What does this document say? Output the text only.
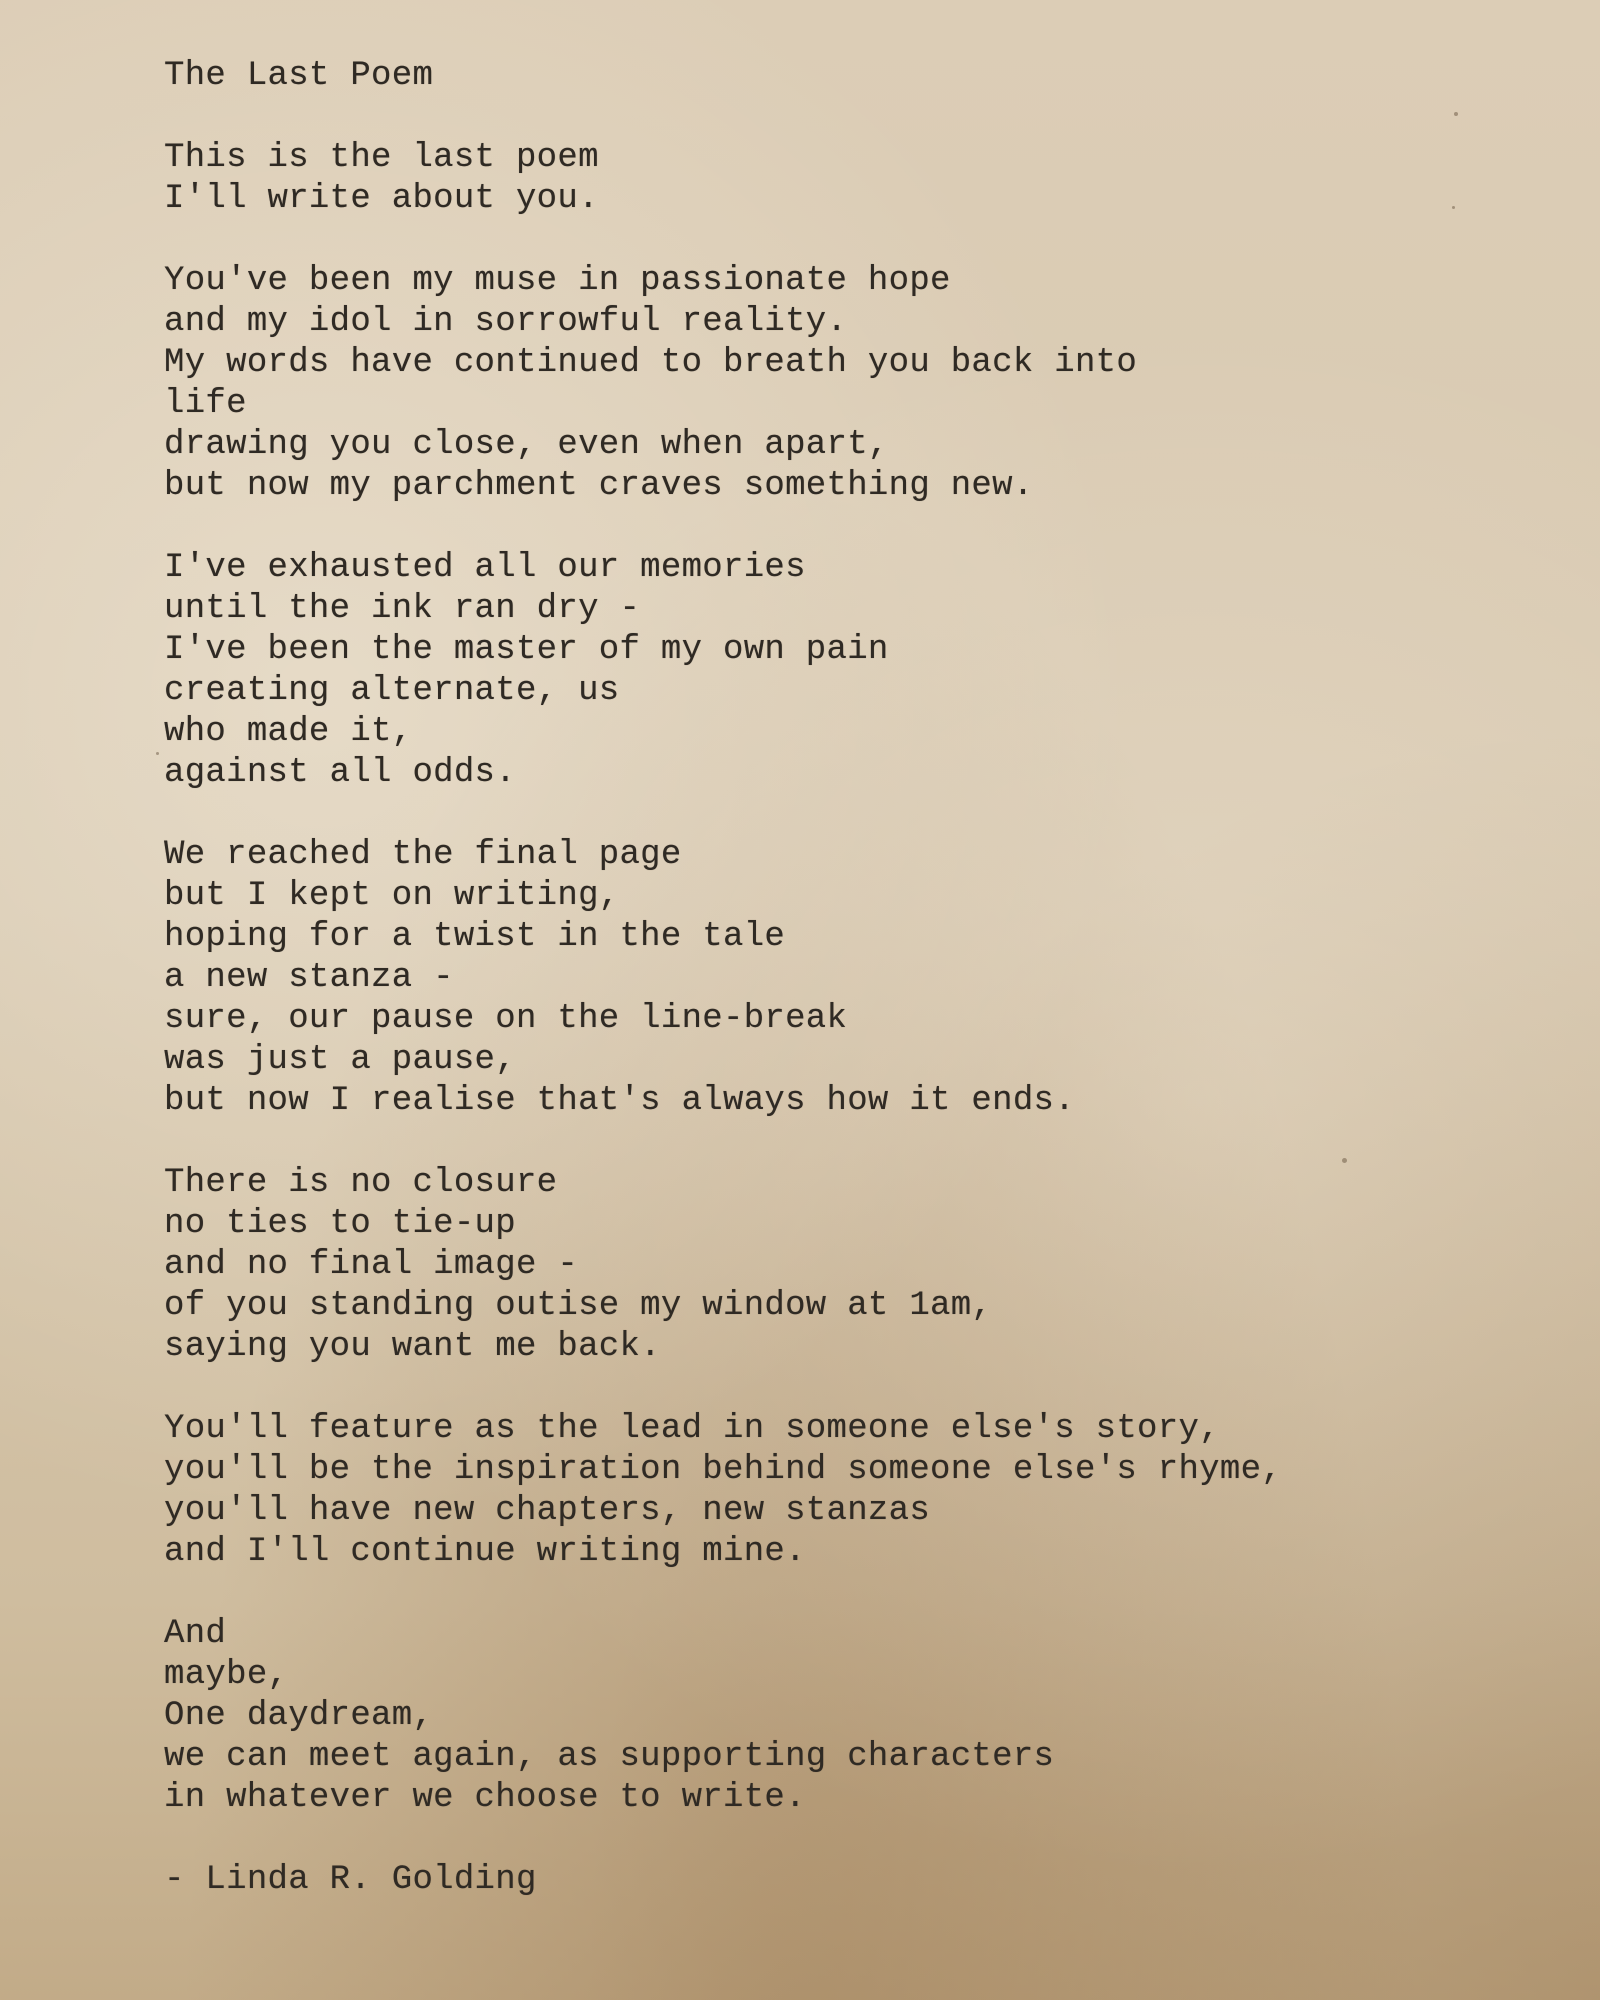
The Last Poem
This is the last poem
I'll write about you.
You've been my muse in passionate hope
and my idol in sorrowful reality.
My words have continued to breath you back into
life
drawing you close, even when apart,
but now my parchment craves something new.
I've exhausted all our memories
until the ink ran dry -
I've been the master of my own pain
creating alternate, us
who made it,
against all odds.
We reached the final page
but I kept on writing,
hoping for a twist in the tale
a new stanza -
sure, our pause on the line-break
was just a pause,
but now I realise that's always how it ends.
There is no closure
no ties to tie-up
and no final image -
of you standing outise my window at 1am,
saying you want me back.
You'll feature as the lead in someone else's story,
you'll be the inspiration behind someone else's rhyme,
you'll have new chapters, new stanzas
and I'll continue writing mine.
And
maybe,
One daydream,
we can meet again, as supporting characters
in whatever we choose to write.
- Linda R. Golding
